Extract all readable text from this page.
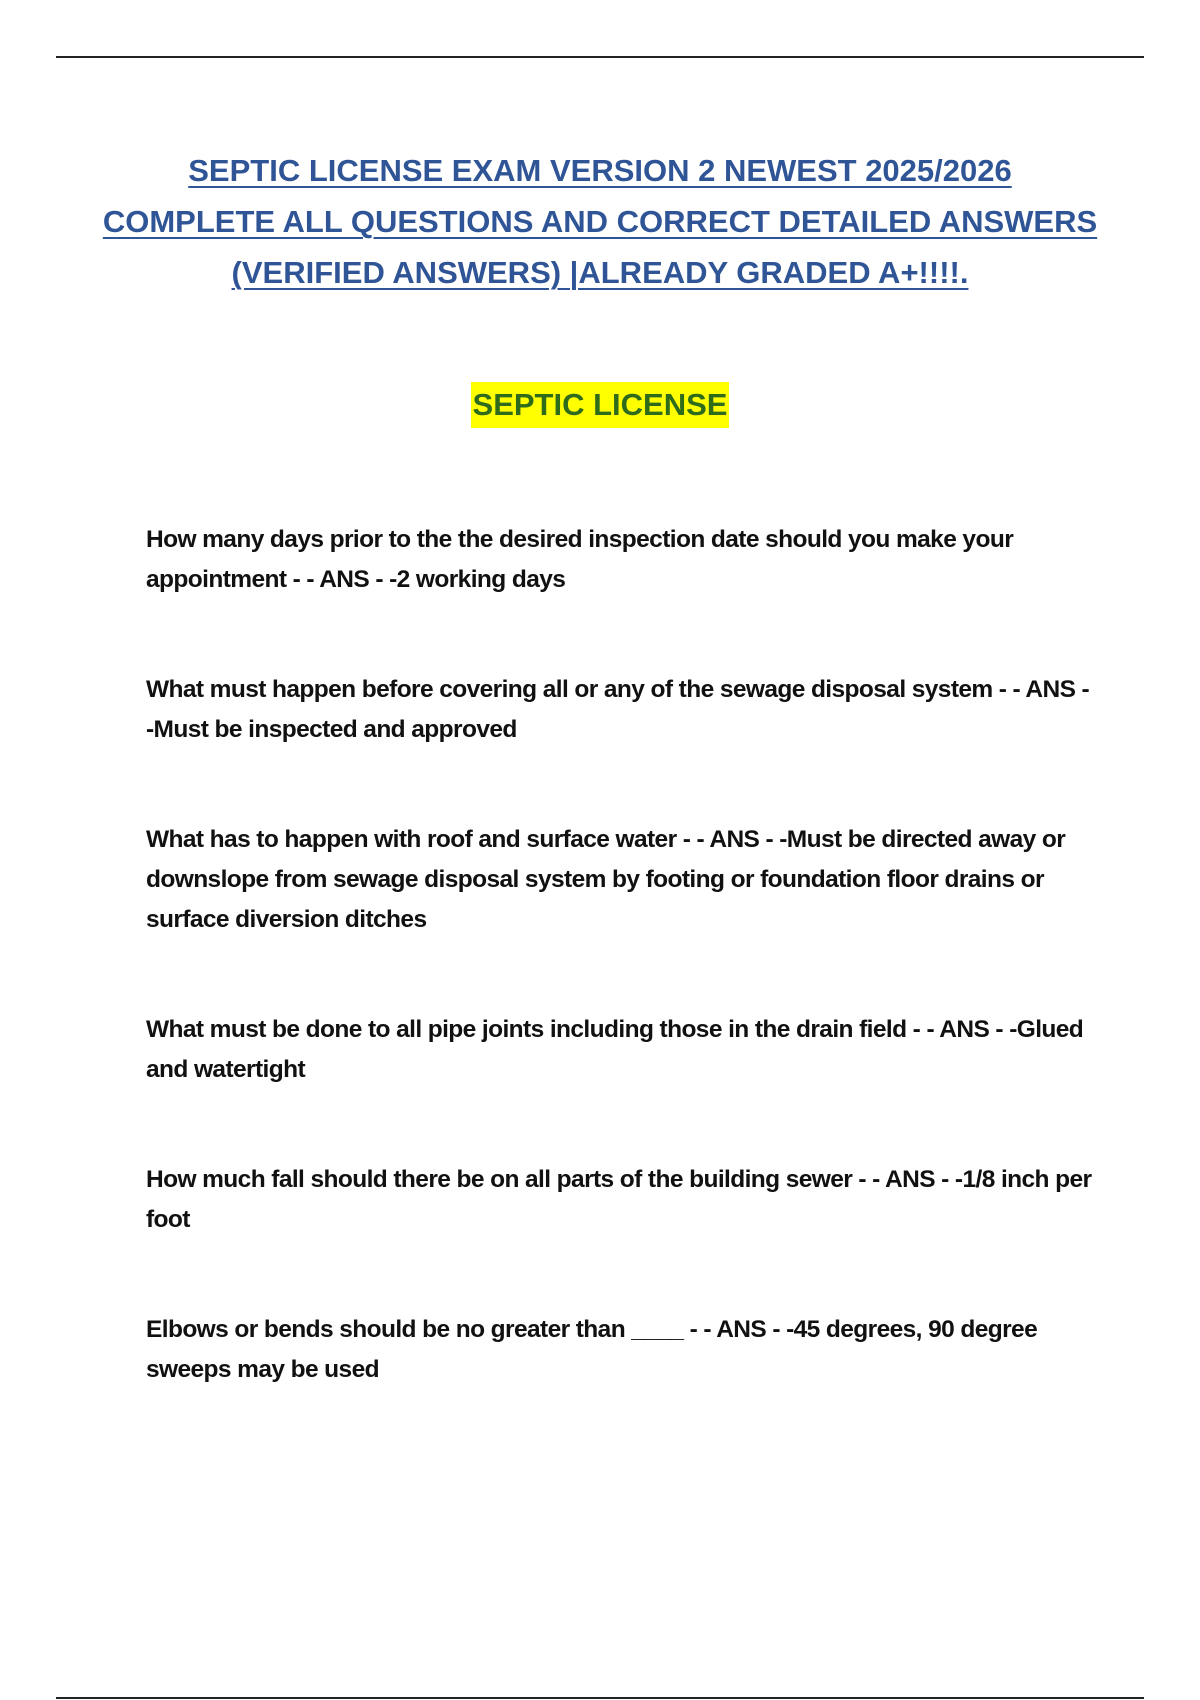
SEPTIC LICENSE EXAM VERSION 2 NEWEST 2025/2026
COMPLETE ALL QUESTIONS AND CORRECT DETAILED ANSWERS
(VERIFIED ANSWERS) |ALREADY GRADED A+!!!!.
SEPTIC LICENSE

How many days prior to the the desired inspection date should you make your appointment - - ANS - -2 working days

What must happen before covering all or any of the sewage disposal system - - ANS - -Must be inspected and approved

What has to happen with roof and surface water - - ANS - -Must be directed away or downslope from sewage disposal system by footing or foundation floor drains or surface diversion ditches

What must be done to all pipe joints including those in the drain field - - ANS - -Glued and watertight

How much fall should there be on all parts of the building sewer - - ANS - -1/8 inch per foot

Elbows or bends should be no greater than ____ - - ANS - -45 degrees, 90 degree sweeps may be used
